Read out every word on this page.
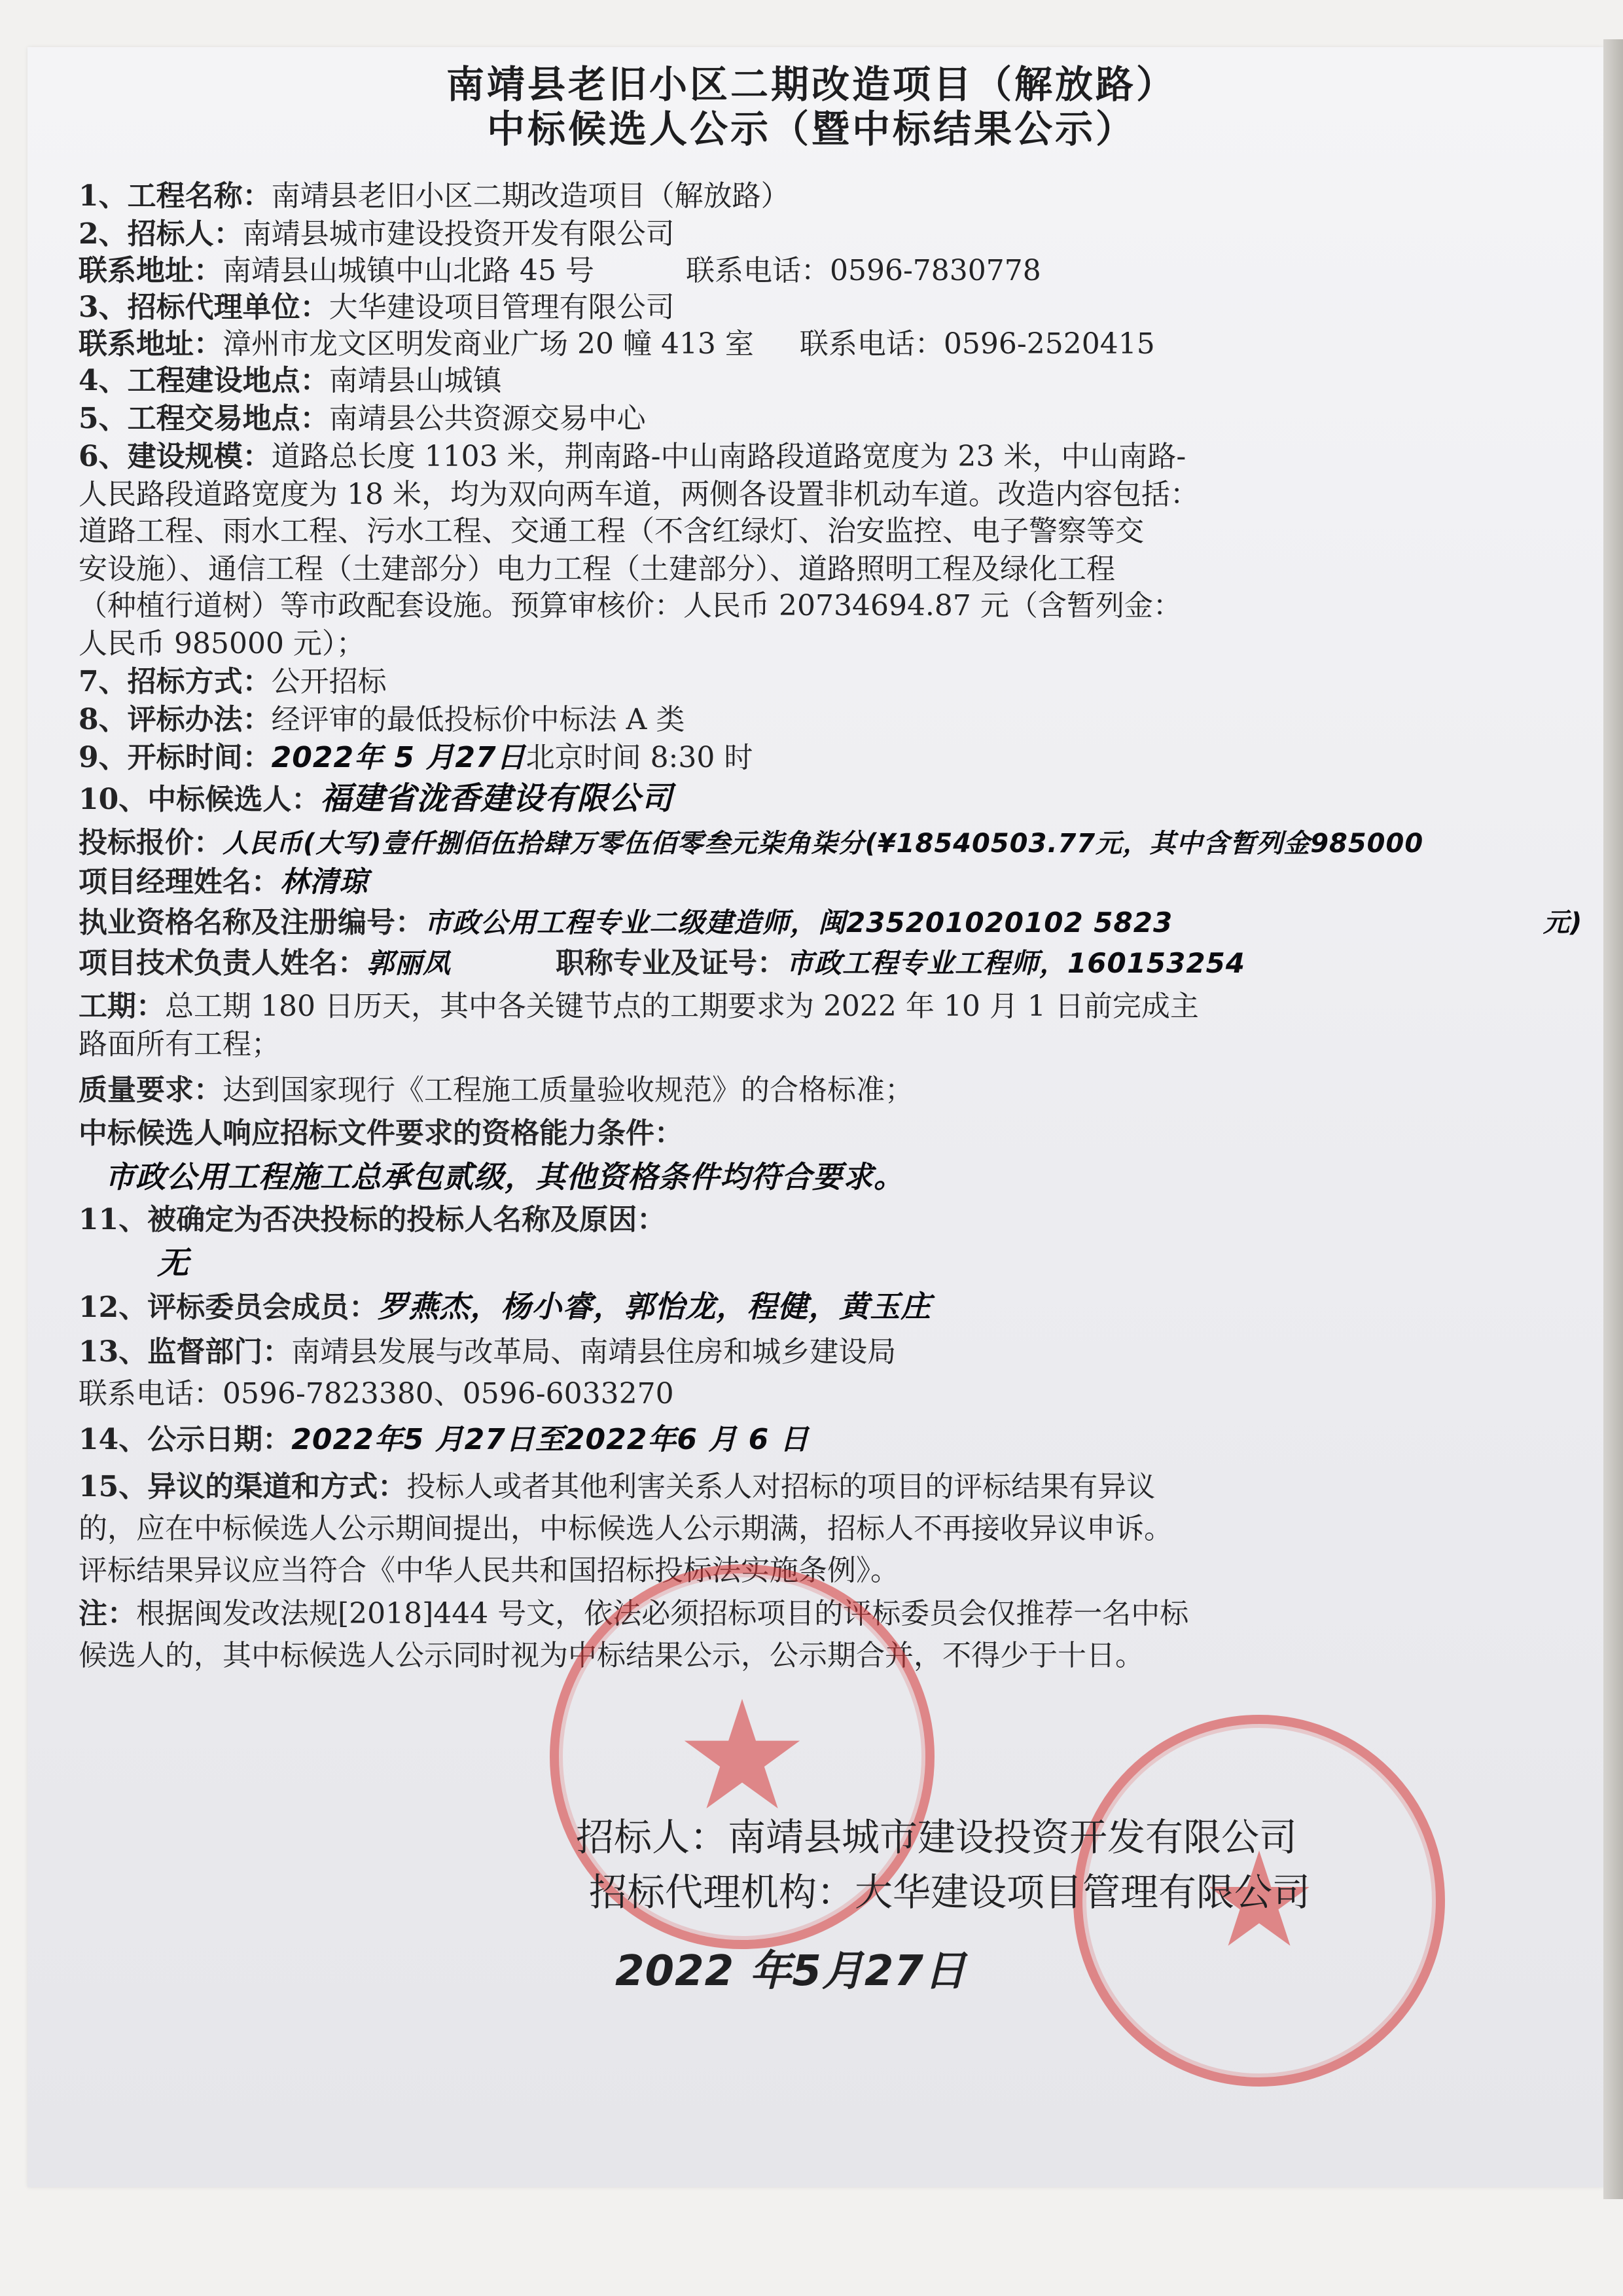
南靖县老旧小区二期改造项目（解放路）
中标候选人公示（暨中标结果公示）
1、工程名称：南靖县老旧小区二期改造项目（解放路）
2、招标人：南靖县城市建设投资开发有限公司
联系地址：南靖县山城镇中山北路 45 号	联系电话：0596-7830778
3、招标代理单位：大华建设项目管理有限公司
联系地址：漳州市龙文区明发商业广场 20 幢 413 室 联系电话：0596-2520415
4、工程建设地点：南靖县山城镇
5、工程交易地点：南靖县公共资源交易中心
6、建设规模：道路总长度 1103 米，荆南路-中山南路段道路宽度为 23 米，中山南路-
人民路段道路宽度为 18 米，均为双向两车道，两侧各设置非机动车道。改造内容包括：
道路工程、雨水工程、污水工程、交通工程（不含红绿灯、治安监控、电子警察等交
安设施）、通信工程（土建部分）电力工程（土建部分）、道路照明工程及绿化工程
（种植行道树）等市政配套设施。预算审核价：人民币 20734694.87 元（含暂列金：
人民币 985000 元）；
7、招标方式：公开招标
8、评标办法：经评审的最低投标价中标法 A 类
9、开标时间：2022年 5 月27日北京时间 8:30 时
10、中标候选人：福建省泷香建设有限公司
投标报价：人民币(大写)壹仟捌佰伍拾肆万零伍佰零叁元柒角柒分(¥18540503.77元，其中含暂列金985000
元)
项目经理姓名：林清琼
执业资格名称及注册编号：市政公用工程专业二级建造师，闽235201020102 5823
项目技术负责人姓名：郭丽凤	职称专业及证号：市政工程专业工程师，160153254
工期：总工期 180 日历天，其中各关键节点的工期要求为 2022 年 10 月 1 日前完成主
路面所有工程；
质量要求：达到国家现行《工程施工质量验收规范》的合格标准；
中标候选人响应招标文件要求的资格能力条件：
市政公用工程施工总承包贰级，其他资格条件均符合要求。
11、被确定为否决投标的投标人名称及原因：
无
12、评标委员会成员：罗燕杰，杨小睿，郭怡龙，程健，黄玉庄
13、监督部门：南靖县发展与改革局、南靖县住房和城乡建设局
联系电话：0596-7823380、0596-6033270
14、公示日期：2022年5 月27日至2022年6 月 6 日
15、异议的渠道和方式：投标人或者其他利害关系人对招标的项目的评标结果有异议
的，应在中标候选人公示期间提出，中标候选人公示期满，招标人不再接收异议申诉。
评标结果异议应当符合《中华人民共和国招标投标法实施条例》。
注：根据闽发改法规[2018]444 号文，依法必须招标项目的评标委员会仅推荐一名中标
候选人的，其中标候选人公示同时视为中标结果公示，公示期合并，不得少于十日。
★
★
招标人：南靖县城市建设投资开发有限公司
招标代理机构：大华建设项目管理有限公司
2022 年5月27日
